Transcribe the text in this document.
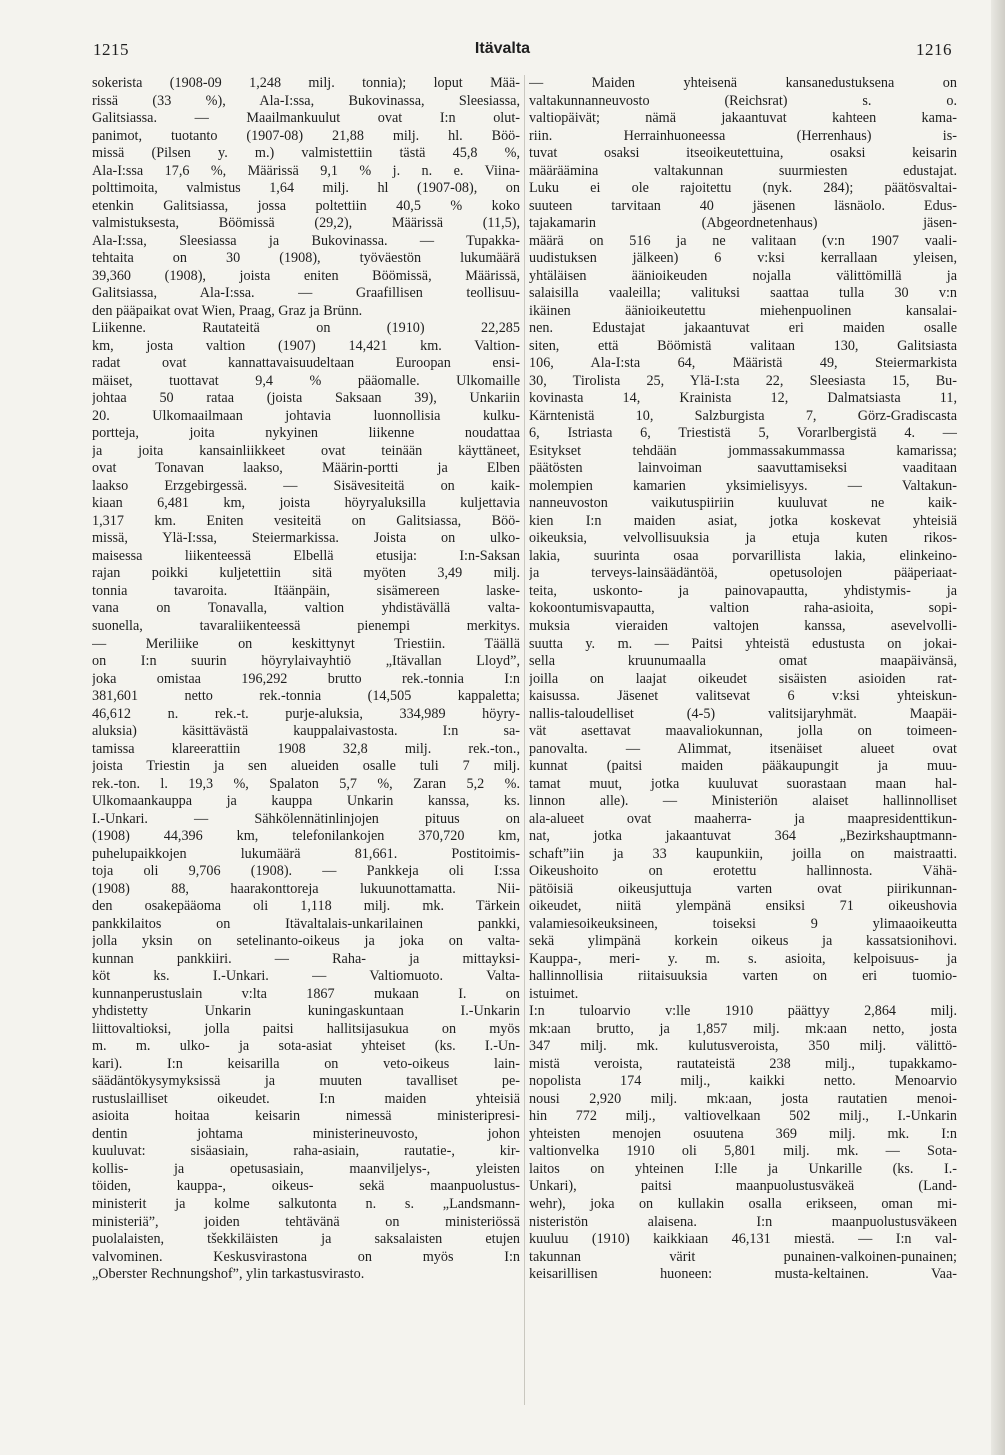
1215	Itävalta	1216
sokerista (1908-09 1,248 milj. tonnia); loput Mää-
rissä (33 %), Ala-I:ssa, Bukovinassa, Sleesiassa,
Galitsiassa. — Maailmankuulut ovat I:n olut-
panimot, tuotanto (1907-08) 21,88 milj. hl. Böö-
missä (Pilsen y. m.) valmistettiin tästä 45,8 %,
Ala-I:ssa 17,6 %, Määrissä 9,1 % j. n. e. Viina-
polttimoita, valmistus 1,64 milj. hl (1907-08), on
etenkin Galitsiassa, jossa poltettiin 40,5 % koko
valmistuksesta, Böömissä (29,2), Määrissä (11,5),
Ala-I:ssa, Sleesiassa ja Bukovinassa. — Tupakka-
tehtaita on 30 (1908), työväestön lukumäärä
39,360 (1908), joista eniten Böömissä, Määrissä,
Galitsiassa, Ala-I:ssa. — Graafillisen teollisuu-
den pääpaikat ovat Wien, Praag, Graz ja Brünn.
Liikenne. Rautateitä on (1910) 22,285
km, josta valtion (1907) 14,421 km. Valtion-
radat ovat kannattavaisuudeltaan Euroopan ensi-
mäiset, tuottavat 9,4 % pääomalle. Ulkomaille
johtaa 50 rataa (joista Saksaan 39), Unkariin
20. Ulkomaailmaan johtavia luonnollisia kulku-
portteja, joita nykyinen liikenne noudattaa
ja joita kansainliikkeet ovat teinään käyttäneet,
ovat Tonavan laakso, Määrin-portti ja Elben
laakso Erzgebirgessä. — Sisävesiteitä on kaik-
kiaan 6,481 km, joista höyryaluksilla kuljettavia
1,317 km. Eniten vesiteitä on Galitsiassa, Böö-
missä, Ylä-I:ssa, Steiermarkissa. Joista on ulko-
maisessa liikenteessä Elbellä etusija: I:n-Saksan
rajan poikki kuljetettiin sitä myöten 3,49 milj.
tonnia tavaroita. Itäänpäin, sisämereen laske-
vana on Tonavalla, valtion yhdistävällä valta-
suonella, tavaraliikenteessä pienempi merkitys.
— Meriliike on keskittynyt Triestiin. Täällä
on I:n suurin höyrylaivayhtiö „Itävallan Lloyd”,
joka omistaa 196,292 brutto rek.-tonnia I:n
381,601 netto rek.-tonnia (14,505 kappaletta;
46,612 n. rek.-t. purje-aluksia, 334,989 höyry-
aluksia) käsittävästä kauppalaivastosta. I:n sa-
tamissa klareerattiin 1908 32,8 milj. rek.-ton.,
joista Triestin ja sen alueiden osalle tuli 7 milj.
rek.-ton. l. 19,3 %, Spalaton 5,7 %, Zaran 5,2 %.
Ulkomaankauppa ja kauppa Unkarin kanssa, ks.
I.-Unkari. — Sähkölennätinlinjojen pituus on
(1908) 44,396 km, telefonilankojen 370,720 km,
puhelupaikkojen lukumäärä 81,661. Postitoimis-
toja oli 9,706 (1908). — Pankkeja oli I:ssa
(1908) 88, haarakonttoreja lukuunottamatta. Nii-
den osakepääoma oli 1,118 milj. mk. Tärkein
pankkilaitos on Itävaltalais-unkarilainen pankki,
jolla yksin on setelinanto-oikeus ja joka on valta-
kunnan pankkiiri. — Raha- ja mittayksi-
köt ks. I.-Unkari. — Valtiomuoto. Valta-
kunnanperustuslain v:lta 1867 mukaan I. on
yhdistetty Unkarin kuningaskuntaan I.-Unkarin
liittovaltioksi, jolla paitsi hallitsijasukua on myös
m. m. ulko- ja sota-asiat yhteiset (ks. I.-Un-
kari). I:n keisarilla on veto-oikeus lain-
säädäntökysymyksissä ja muuten tavalliset pe-
rustuslailliset oikeudet. I:n maiden yhteisiä
asioita hoitaa keisarin nimessä ministeripresi-
dentin johtama ministerineuvosto, johon
kuuluvat: sisäasiain, raha-asiain, rautatie-, kir-
kollis- ja opetusasiain, maanviljelys-, yleisten
töiden, kauppa-, oikeus- sekä maanpuolustus-
ministerit ja kolme salkutonta n. s. „Landsmann-
ministeriä”, joiden tehtävänä on ministeriössä
puolalaisten, tšekkiläisten ja saksalaisten etujen
valvominen. Keskusvirastona on myös I:n
„Oberster Rechnungshof”, ylin tarkastusvirasto.
— Maiden yhteisenä kansanedustuksena on
valtakunnanneuvosto (Reichsrat) s. o.
valtiopäivät; nämä jakaantuvat kahteen kama-
riin. Herrainhuoneessa (Herrenhaus) is-
tuvat osaksi itseoikeutettuina, osaksi keisarin
määräämina valtakunnan suurmiesten edustajat.
Luku ei ole rajoitettu (nyk. 284); päätösvaltai-
suuteen tarvitaan 40 jäsenen läsnäolo. Edus-
tajakamarin (Abgeordnetenhaus) jäsen-
määrä on 516 ja ne valitaan (v:n 1907 vaali-
uudistuksen jälkeen) 6 v:ksi kerrallaan yleisen,
yhtäläisen äänioikeuden nojalla välittömillä ja
salaisilla vaaleilla; valituksi saattaa tulla 30 v:n
ikäinen äänioikeutettu miehenpuolinen kansalai-
nen. Edustajat jakaantuvat eri maiden osalle
siten, että Böömistä valitaan 130, Galitsiasta
106, Ala-I:sta 64, Määristä 49, Steiermarkista
30, Tirolista 25, Ylä-I:sta 22, Sleesiasta 15, Bu-
kovinasta 14, Krainista 12, Dalmatsiasta 11,
Kärntenistä 10, Salzburgista 7, Görz-Gradiscasta
6, Istriasta 6, Triestistä 5, Vorarlbergistä 4. —
Esitykset tehdään jommassakummassa kamarissa;
päätösten lainvoiman saavuttamiseksi vaaditaan
molempien kamarien yksimielisyys. — Valtakun-
nanneuvoston vaikutuspiiriin kuuluvat ne kaik-
kien I:n maiden asiat, jotka koskevat yhteisiä
oikeuksia, velvollisuuksia ja etuja kuten rikos-
lakia, suurinta osaa porvarillista lakia, elinkeino-
ja terveys-lainsäädäntöä, opetusolojen pääperiaat-
teita, uskonto- ja painovapautta, yhdistymis- ja
kokoontumisvapautta, valtion raha-asioita, sopi-
muksia vieraiden valtojen kanssa, asevelvolli-
suutta y. m. — Paitsi yhteistä edustusta on jokai-
sella kruunumaalla omat maapäivänsä,
joilla on laajat oikeudet sisäisten asioiden rat-
kaisussa. Jäsenet valitsevat 6 v:ksi yhteiskun-
nallis-taloudelliset (4-5) valitsijaryhmät. Maapäi-
vät asettavat maavaliokunnan, jolla on toimeen-
panovalta. — Alimmat, itsenäiset alueet ovat
kunnat (paitsi maiden pääkaupungit ja muu-
tamat muut, jotka kuuluvat suorastaan maan hal-
linnon alle). — Ministeriön alaiset hallinnolliset
ala-alueet ovat maaherra- ja maapresidenttikun-
nat, jotka jakaantuvat 364 „Bezirkshauptmann-
schaft”iin ja 33 kaupunkiin, joilla on maistraatti.
Oikeushoito on erotettu hallinnosta. Vähä-
pätöisiä oikeusjuttuja varten ovat piirikunnan-
oikeudet, niitä ylempänä ensiksi 71 oikeushovia
valamiesoikeuksineen, toiseksi 9 ylimaaoikeutta
sekä ylimpänä korkein oikeus ja kassatsionihovi.
Kauppa-, meri- y. m. s. asioita, kelpoisuus- ja
hallinnollisia riitaisuuksia varten on eri tuomio-
istuimet.
I:n tuloarvio v:lle 1910 päättyy 2,864 milj.
mk:aan brutto, ja 1,857 milj. mk:aan netto, josta
347 milj. mk. kulutusveroista, 350 milj. välittö-
mistä veroista, rautateistä 238 milj., tupakkamo-
nopolista 174 milj., kaikki netto. Menoarvio
nousi 2,920 milj. mk:aan, josta rautatien menoi-
hin 772 milj., valtiovelkaan 502 milj., I.-Unkarin
yhteisten menojen osuutena 369 milj. mk. I:n
valtionvelka 1910 oli 5,801 milj. mk. — Sota-
laitos on yhteinen I:lle ja Unkarille (ks. I.-
Unkari), paitsi maanpuolustusväkeä (Land-
wehr), joka on kullakin osalla erikseen, oman mi-
nisteristön alaisena. I:n maanpuolustusväkeen
kuuluu (1910) kaikkiaan 46,131 miestä. — I:n val-
takunnan värit punainen-valkoinen-punainen;
keisarillisen huoneen: musta-keltainen. Vaa-
